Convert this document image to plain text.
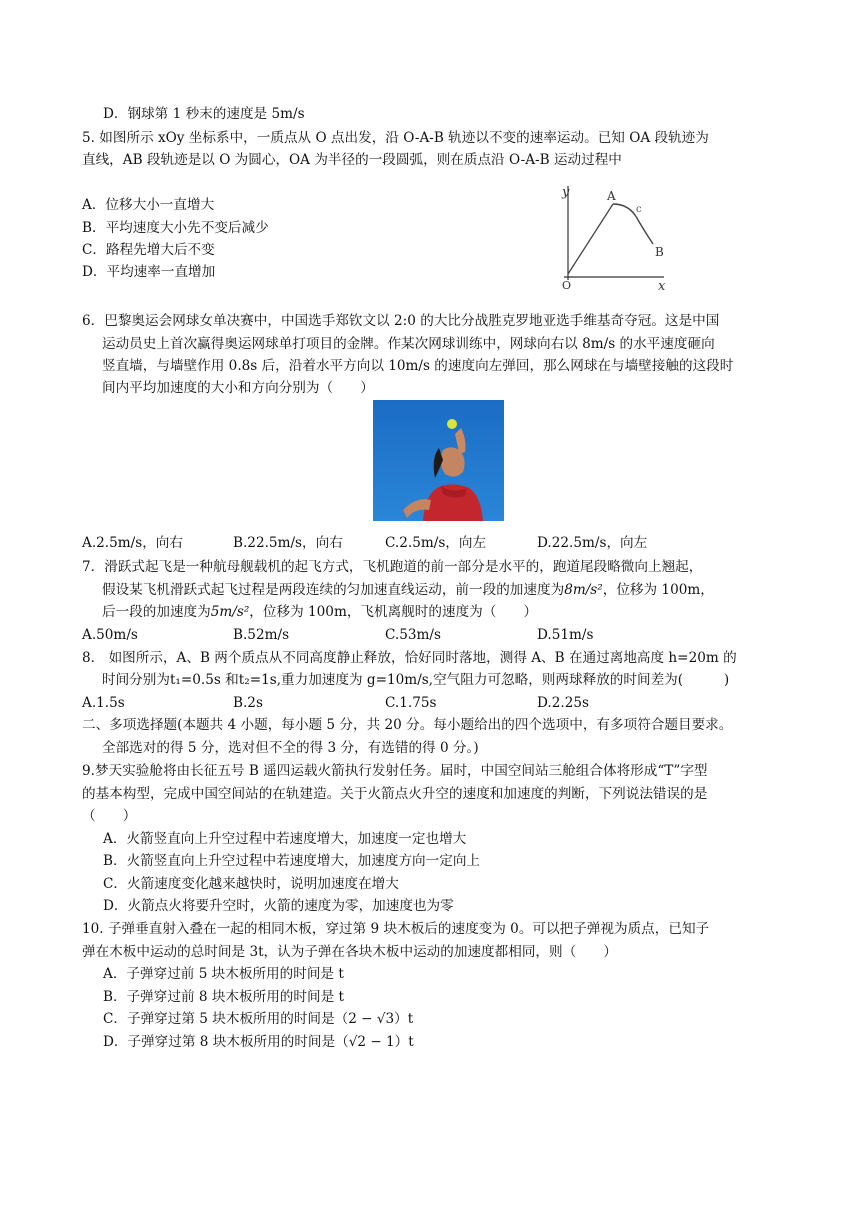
D．钢球第 1 秒末的速度是 5m/s
5. 如图所示 xOy 坐标系中，一质点从 O 点出发，沿 O-A-B 轨迹以不变的速率运动。已知 OA 段轨迹为
直线，AB 段轨迹是以 O 为圆心，OA 为半径的一段圆弧，则在质点沿 O-A-B 运动过程中
A．位移大小一直增大
B．平均速度大小先不变后减少
C．路程先增大后不变
D．平均速率一直增加
y
x
O
A
B
c
6．巴黎奥运会网球女单决赛中，中国选手郑钦文以 2:0 的大比分战胜克罗地亚选手维基奇夺冠。这是中国
运动员史上首次赢得奥运网球单打项目的金牌。作某次网球训练中，网球向右以 8m/s 的水平速度砸向
竖直墙，与墙壁作用 0.8s 后，沿着水平方向以 10m/s 的速度向左弹回，那么网球在与墙壁接触的这段时
间内平均加速度的大小和方向分别为（　　）
A.2.5m/s，向右	B.22.5m/s，向右	C.2.5m/s，向左	D.22.5m/s，向左
7．滑跃式起飞是一种航母舰载机的起飞方式，飞机跑道的前一部分是水平的，跑道尾段略微向上翘起，
假设某飞机滑跃式起飞过程是两段连续的匀加速直线运动，前一段的加速度为8m/s²，位移为 100m，
后一段的加速度为5m/s²，位移为 100m，飞机离舰时的速度为（　　）
A.50m/s	B.52m/s	C.53m/s	D.51m/s
8． 如图所示，A、B 两个质点从不同高度静止释放，恰好同时落地，测得 A、B 在通过离地高度 h=20m 的
时间分别为t₁=0.5s 和t₂=1s,重力加速度为 g=10m/s,空气阻力可忽略，则两球释放的时间差为(　　　)
A.1.5s	B.2s	C.1.75s	D.2.25s
二、多项选择题(本题共 4 小题，每小题 5 分，共 20 分。每小题给出的四个选项中，有多项符合题目要求。
全部选对的得 5 分，选对但不全的得 3 分，有选错的得 0 分。)
9.梦天实验舱将由长征五号 B 遥四运载火箭执行发射任务。届时，中国空间站三舱组合体将形成“T”字型
的基本构型，完成中国空间站的在轨建造。关于火箭点火升空的速度和加速度的判断，下列说法错误的是
（　　）
A．火箭竖直向上升空过程中若速度增大，加速度一定也增大
B．火箭竖直向上升空过程中若速度增大，加速度方向一定向上
C．火箭速度变化越来越快时，说明加速度在增大
D．火箭点火将要升空时，火箭的速度为零，加速度也为零
10. 子弹垂直射入叠在一起的相同木板，穿过第 9 块木板后的速度变为 0。可以把子弹视为质点，已知子
弹在木板中运动的总时间是 3t，认为子弹在各块木板中运动的加速度都相同，则（　　）
A．子弹穿过前 5 块木板所用的时间是 t
B．子弹穿过前 8 块木板所用的时间是 t
C．子弹穿过第 5 块木板所用的时间是（2 − √3）t
D．子弹穿过第 8 块木板所用的时间是（√2 − 1）t
